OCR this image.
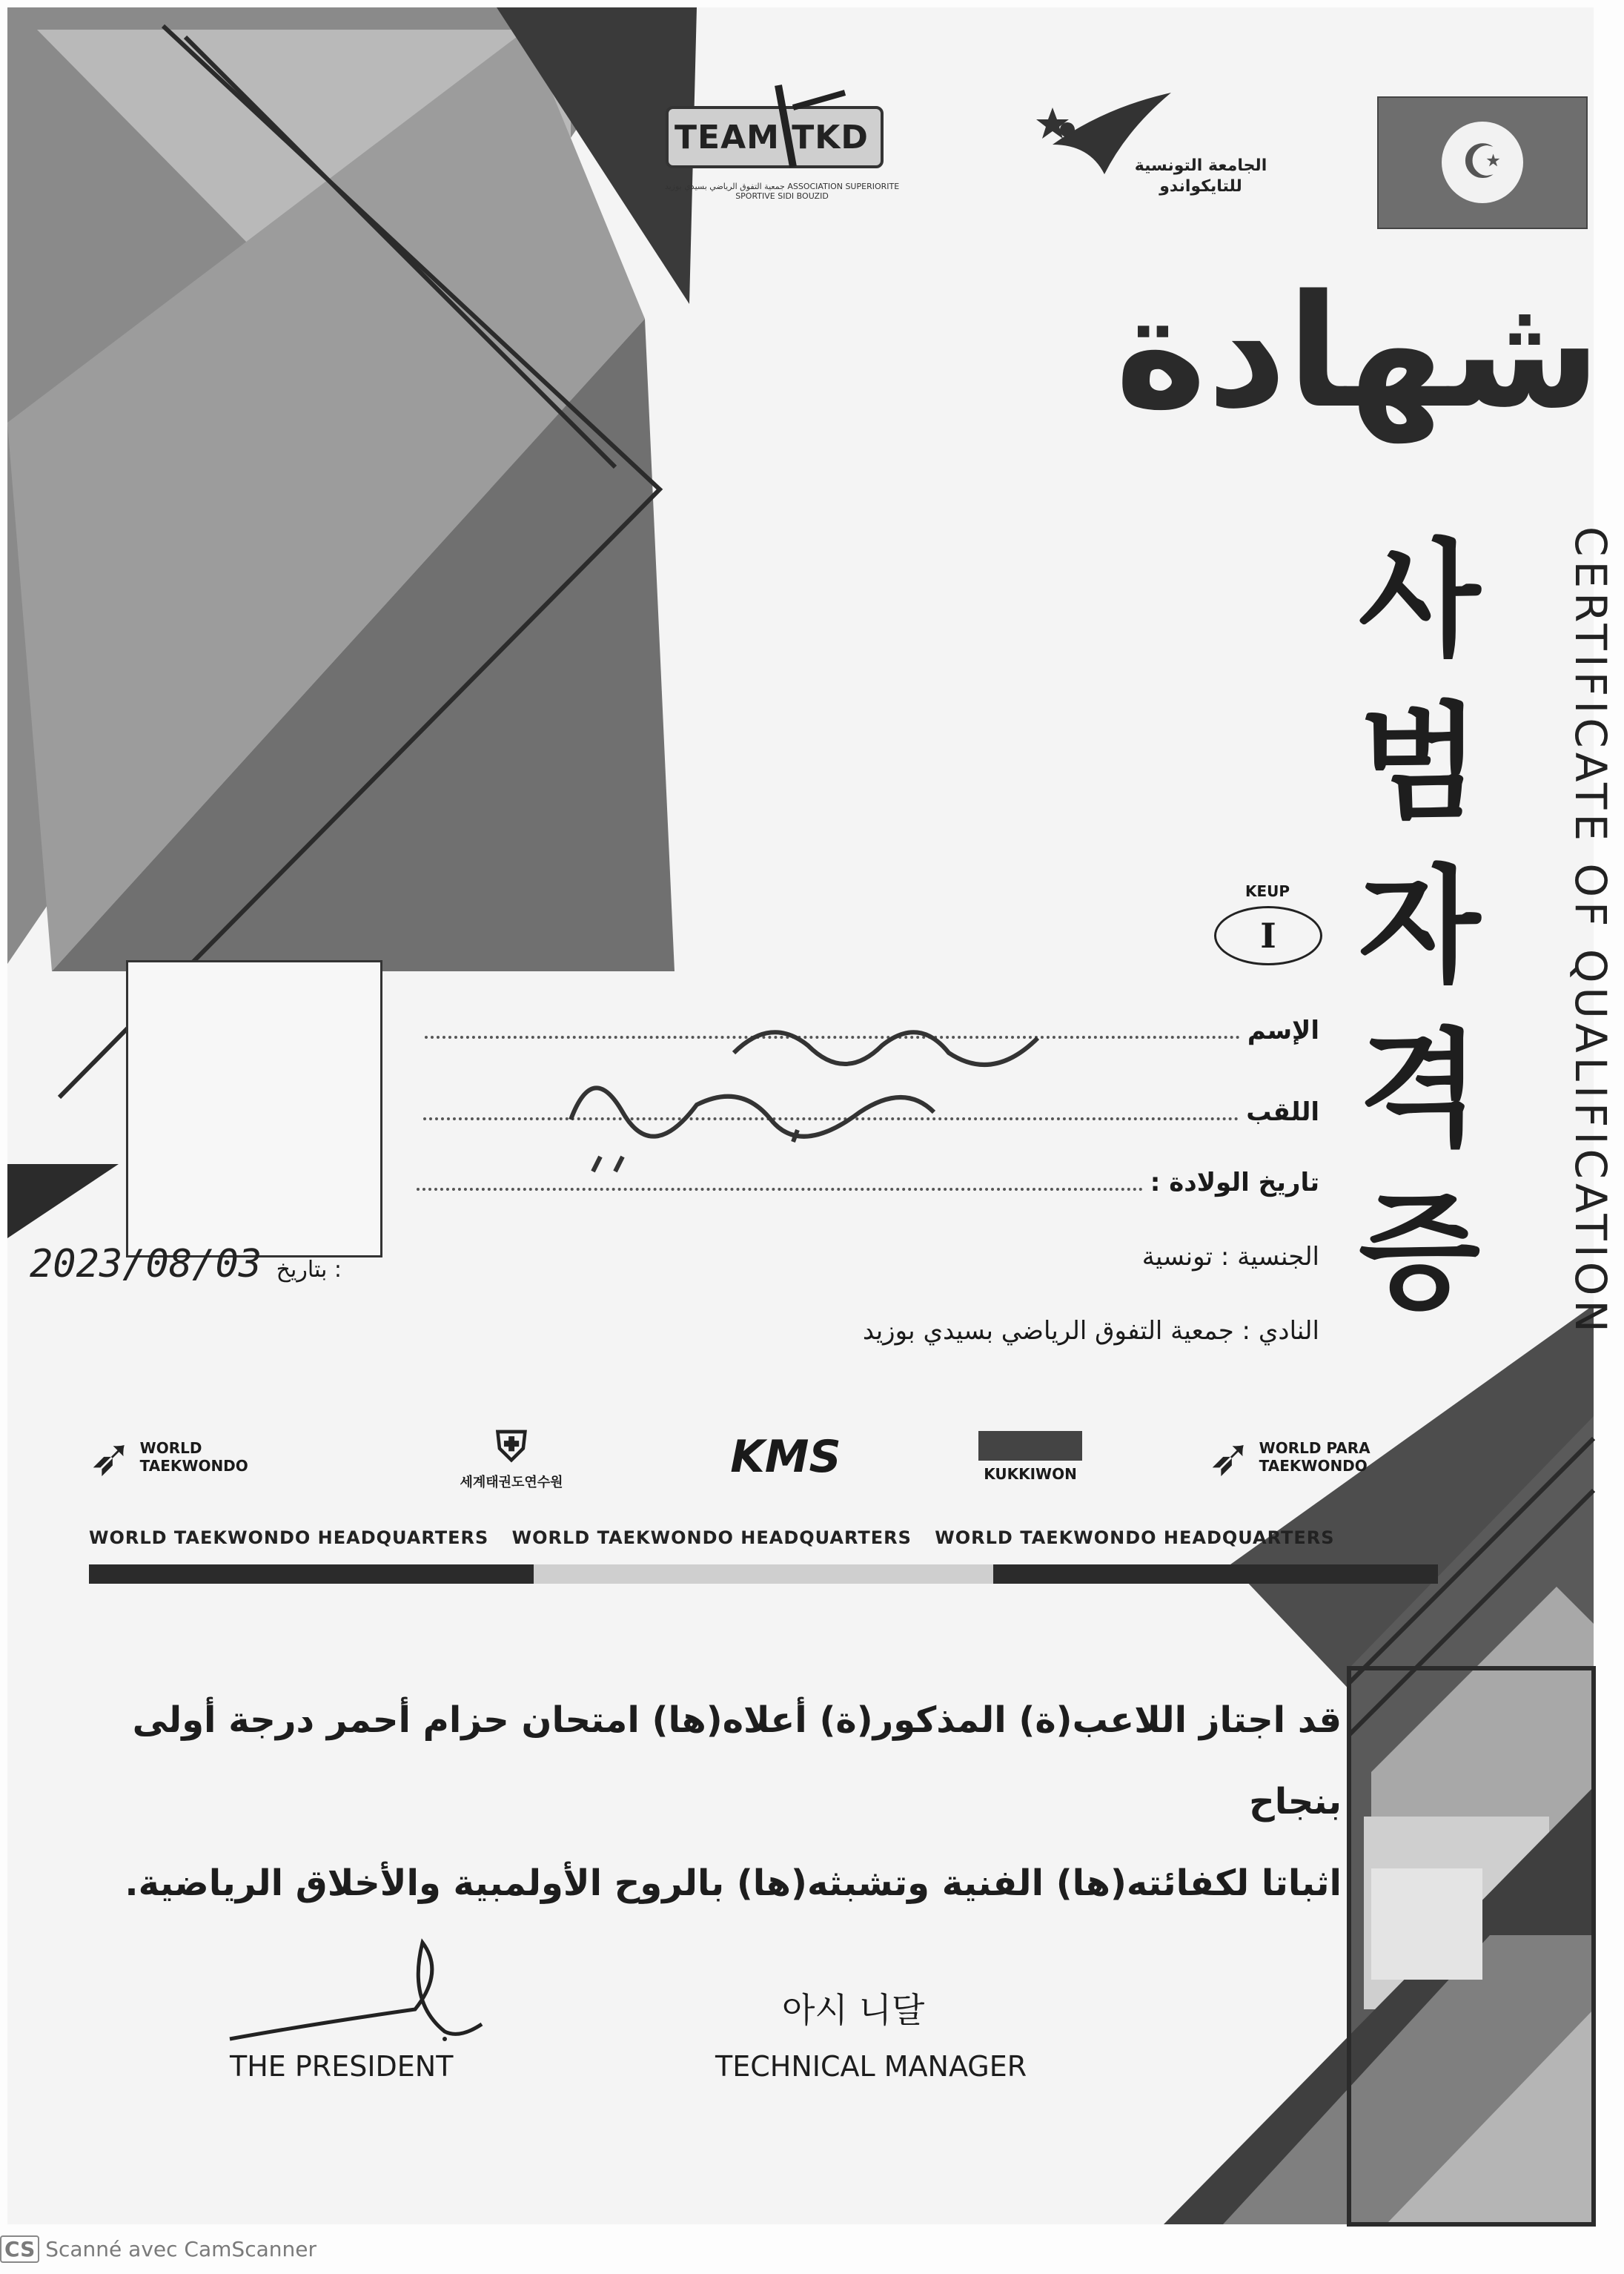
TEAM TKD
جمعية التفوق الرياضي بسيدي بوزيد ASSOCIATION SUPERIORITE SPORTIVE SIDI BOUZID
الجامعة التونسية للتايكواندو	☪
شهادة
사범자격증	CERTIFICATE OF QUALIFICATION
KEUP
I
الإسم
اللقب
تاريخ الولادة :
الجنسية : تونسية
النادي : جمعية التفوق الرياضي بسيدي بوزيد
2023/08/03 بتاريخ :
➶ WORLD TAEKWONDO	⛨
세계태권도연수원	KMS	KUKKIWON	➶ WORLD PARA TAEKWONDO
WORLD TAEKWONDO HEADQUARTERS WORLD TAEKWONDO HEADQUARTERS WORLD TAEKWONDO HEADQUARTERS
قد اجتاز اللاعب(ة) المذكور(ة) أعلاه(ها) امتحان حزام أحمر درجة أولى بنجاح
اثباتا لكفائته(ها) الفنية وتشبثه(ها) بالروح الأولمبية والأخلاق الرياضية.
THE PRESIDENT
아시 니달
TECHNICAL MANAGER
CS Scanné avec CamScanner
